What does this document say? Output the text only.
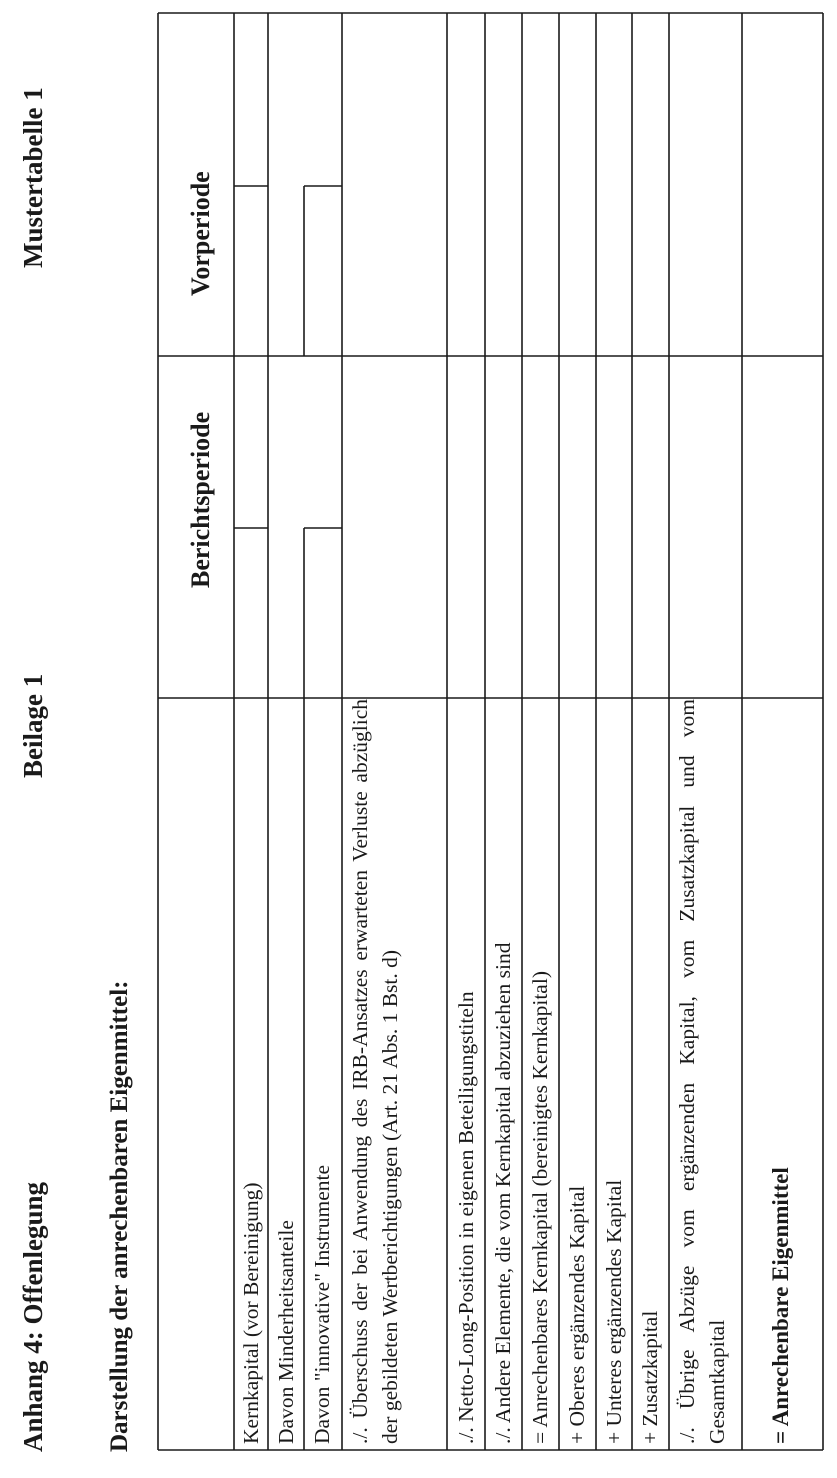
Anhang 4: Offenlegung
Beilage 1
Mustertabelle 1
Darstellung der anrechenbaren Eigenmittel:
Berichtsperiode
Vorperiode
Kernkapital (vor Bereinigung) Davon Minderheitsanteile Davon "innovative" Instrumente ./. Überschuss der bei Anwendung des IRB-Ansatzes erwarteten Verluste abzüglich der gebildeten Wertberichtigungen (Art. 21 Abs. 1 Bst. d) ./. Netto-Long-Position in eigenen Beteiligungstiteln ./. Andere Elemente, die vom Kernkapital abzuziehen sind = Anrechenbares Kernkapital (bereinigtes Kernkapital) + Oberes ergänzendes Kapital + Unteres ergänzendes Kapital + Zusatzkapital ./. Übrige Abzüge vom ergänzenden Kapital, vom Zusatzkapital und vom Gesamtkapital = Anrechenbare Eigenmittel
